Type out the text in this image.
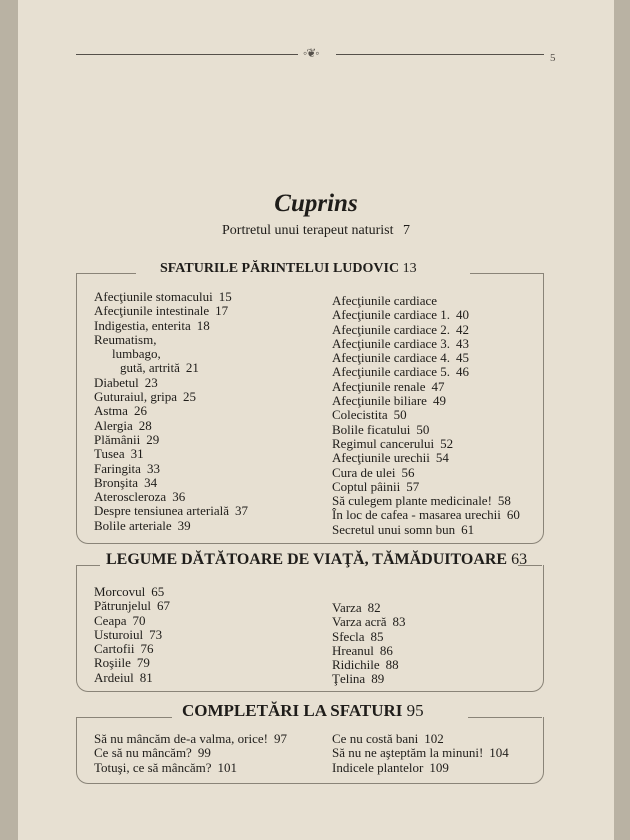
◦❦◦	5
Cuprins
Portretul unui terapeut naturist 7
SFATURILE PĂRINTELUI LUDOVIC 13
Afecţiunile stomacului 15
Afecţiunile intestinale 17
Indigestia, enterita 18
Reumatism,
lumbago,
gută, artrită 21
Diabetul 23
Guturaiul, gripa 25
Astma 26
Alergia 28
Plămânii 29
Tusea 31
Faringita 33
Bronşita 34
Ateroscleroza 36
Despre tensiunea arterială 37
Bolile arteriale 39
Afecţiunile cardiace
Afecţiunile cardiace 1. 40
Afecţiunile cardiace 2. 42
Afecţiunile cardiace 3. 43
Afecţiunile cardiace 4. 45
Afecţiunile cardiace 5. 46
Afecţiunile renale 47
Afecţiunile biliare 49
Colecistita 50
Bolile ficatului 50
Regimul cancerului 52
Afecţiunile urechii 54
Cura de ulei 56
Coptul pâinii 57
Să culegem plante medicinale! 58
În loc de cafea - masarea urechii 60
Secretul unui somn bun 61
LEGUME DĂTĂTOARE DE VIAŢĂ, TĂMĂDUITOARE 63
Morcovul 65
Pătrunjelul 67
Ceapa 70
Usturoiul 73
Cartofii 76
Roşiile 79
Ardeiul 81
Varza 82
Varza acră 83
Sfecla 85
Hreanul 86
Ridichile 88
Ţelina 89
COMPLETĂRI LA SFATURI 95
Să nu mâncăm de-a valma, orice! 97
Ce să nu mâncăm? 99
Totuşi, ce să mâncăm? 101
Ce nu costă bani 102
Să nu ne aşteptăm la minuni! 104
Indicele plantelor 109
